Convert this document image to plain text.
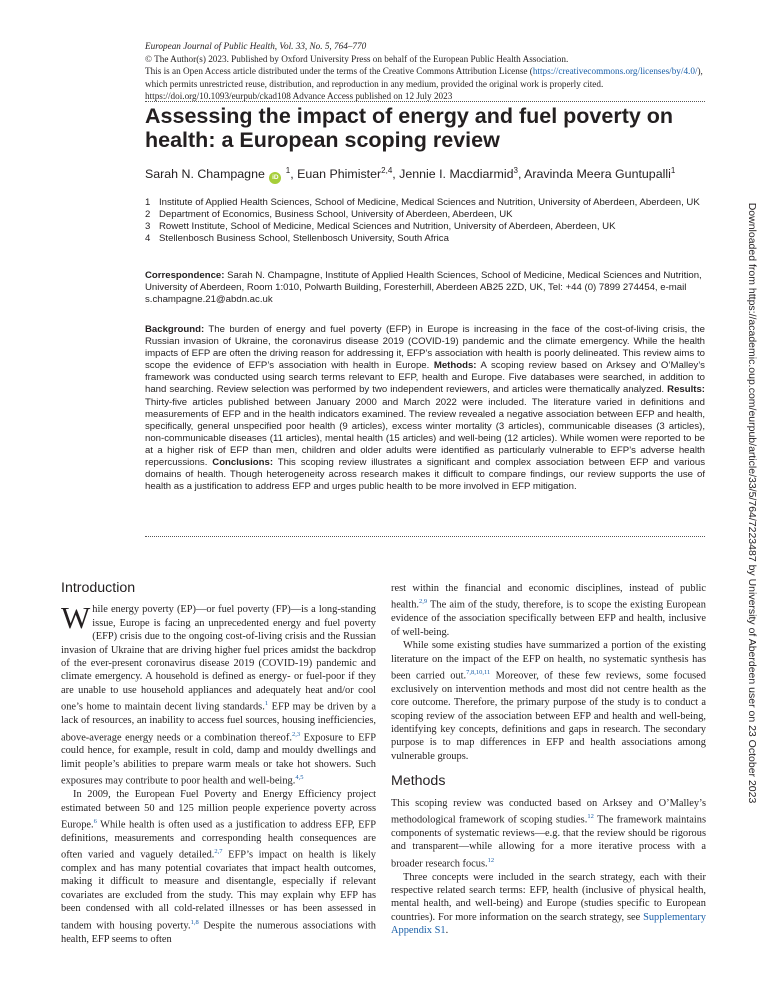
European Journal of Public Health, Vol. 33, No. 5, 764–770
© The Author(s) 2023. Published by Oxford University Press on behalf of the European Public Health Association.
This is an Open Access article distributed under the terms of the Creative Commons Attribution License (https://creativecommons.org/licenses/by/4.0/),
which permits unrestricted reuse, distribution, and reproduction in any medium, provided the original work is properly cited.
https://doi.org/10.1093/eurpub/ckad108 Advance Access published on 12 July 2023
Assessing the impact of energy and fuel poverty on health: a European scoping review
Sarah N. Champagne iD $^1$, Euan Phimister$^{2,4}$, Jennie I. Macdiarmid$^3$, Aravinda Meera Guntupalli$^1$
1 Institute of Applied Health Sciences, School of Medicine, Medical Sciences and Nutrition, University of Aberdeen, Aberdeen, UK
2 Department of Economics, Business School, University of Aberdeen, Aberdeen, UK
3 Rowett Institute, School of Medicine, Medical Sciences and Nutrition, University of Aberdeen, Aberdeen, UK
4 Stellenbosch Business School, Stellenbosch University, South Africa
Correspondence: Sarah N. Champagne, Institute of Applied Health Sciences, School of Medicine, Medical Sciences and Nutrition, University of Aberdeen, Room 1:010, Polwarth Building, Foresterhill, Aberdeen AB25 2ZD, UK, Tel: +44 (0) 7899 274454, e-mail s.champagne.21@abdn.ac.uk
Background: The burden of energy and fuel poverty (EFP) in Europe is increasing in the face of the cost-of-living crisis, the Russian invasion of Ukraine, the coronavirus disease 2019 (COVID-19) pandemic and the climate emergency. While the health impacts of EFP are often the driving reason for addressing it, EFP’s association with health is poorly delineated. This review aims to scope the evidence of EFP’s association with health in Europe. Methods: A scoping review based on Arksey and O’Malley’s framework was conducted using search terms relevant to EFP, health and Europe. Five databases were searched, in addition to hand searching. Review selection was performed by two independent reviewers, and articles were thematically analyzed. Results: Thirty-five articles published between January 2000 and March 2022 were included. The literature varied in definitions and measurements of EFP and in the health indicators examined. The review revealed a negative association between EFP and health, specifically, general unspecified poor health (9 articles), excess winter mortality (3 articles), communicable diseases (3 articles), non-communicable diseases (11 articles), mental health (15 articles) and well-being (12 articles). While women were reported to be at a higher risk of EFP than men, children and older adults were identified as particularly vulnerable to EFP’s adverse health repercussions. Conclusions: This scoping review illustrates a significant and complex association between EFP and various domains of health. Though heterogeneity across research makes it difficult to compare findings, our review supports the use of health as a justification to address EFP and urges public health to be more involved in EFP mitigation.
Introduction

While energy poverty (EP)—or fuel poverty (FP)—is a long-standing issue, Europe is facing an unprecedented energy and fuel poverty (EFP) crisis due to the ongoing cost-of-living crisis and the Russian invasion of Ukraine that are driving higher fuel prices amidst the backdrop of the ever-present coronavirus disease 2019 (COVID-19) pandemic and climate emergency. A household is defined as energy- or fuel-poor if they are unable to use household appliances and adequately heat and/or cool one’s home to maintain decent living standards.$^1$ EFP may be driven by a lack of resources, an inability to access fuel sources, housing inefficiencies, above-average energy needs or a combination thereof.$^{2,3}$ Exposure to EFP could hence, for example, result in cold, damp and mouldy dwellings and limit people’s abilities to prepare warm meals or take hot showers. Such exposures may contribute to poor health and well-being.$^{4,5}$

In 2009, the European Fuel Poverty and Energy Efficiency project estimated between 50 and 125 million people experience poverty across Europe.$^6$ While health is often used as a justification to address EFP, EFP definitions, measurements and corresponding health consequences are often varied and vaguely detailed.$^{2,7}$ EFP’s impact on health is likely complex and has many potential covariates that impact health outcomes, making it difficult to measure and disentangle, especially if relevant covariates are excluded from the study. This may explain why EFP has been condensed with all cold-related illnesses or has been assessed in tandem with housing poverty.$^{1,8}$ Despite the numerous associations with health, EFP seems to often

rest within the financial and economic disciplines, instead of public health.$^{2,9}$ The aim of the study, therefore, is to scope the existing European evidence of the association specifically between EFP and health, inclusive of well-being.

While some existing studies have summarized a portion of the existing literature on the impact of the EFP on health, no systematic synthesis has been carried out.$^{7,8,10,11}$ Moreover, of these few reviews, some focused exclusively on intervention methods and most did not centre health as the core outcome. Therefore, the primary purpose of the study is to conduct a scoping review of the association between EFP and health and well-being, identifying key concepts, definitions and gaps in research. The secondary purpose is to map differences in EFP and health associations among vulnerable groups.

Methods

This scoping review was conducted based on Arksey and O’Malley’s methodological framework of scoping studies.$^{12}$ The framework maintains components of systematic reviews—e.g. that the review should be rigorous and transparent—while allowing for a more iterative process with a broader research focus.$^{12}$

Three concepts were included in the search strategy, each with their respective related search terms: EFP, health (inclusive of physical health, mental health, and well-being) and Europe (studies specific to European countries). For more information on the search strategy, see Supplementary Appendix S1.

Downloaded from https://academic.oup.com/eurpub/article/33/5/764/7223487 by University of Aberdeen user on 23 October 2023
